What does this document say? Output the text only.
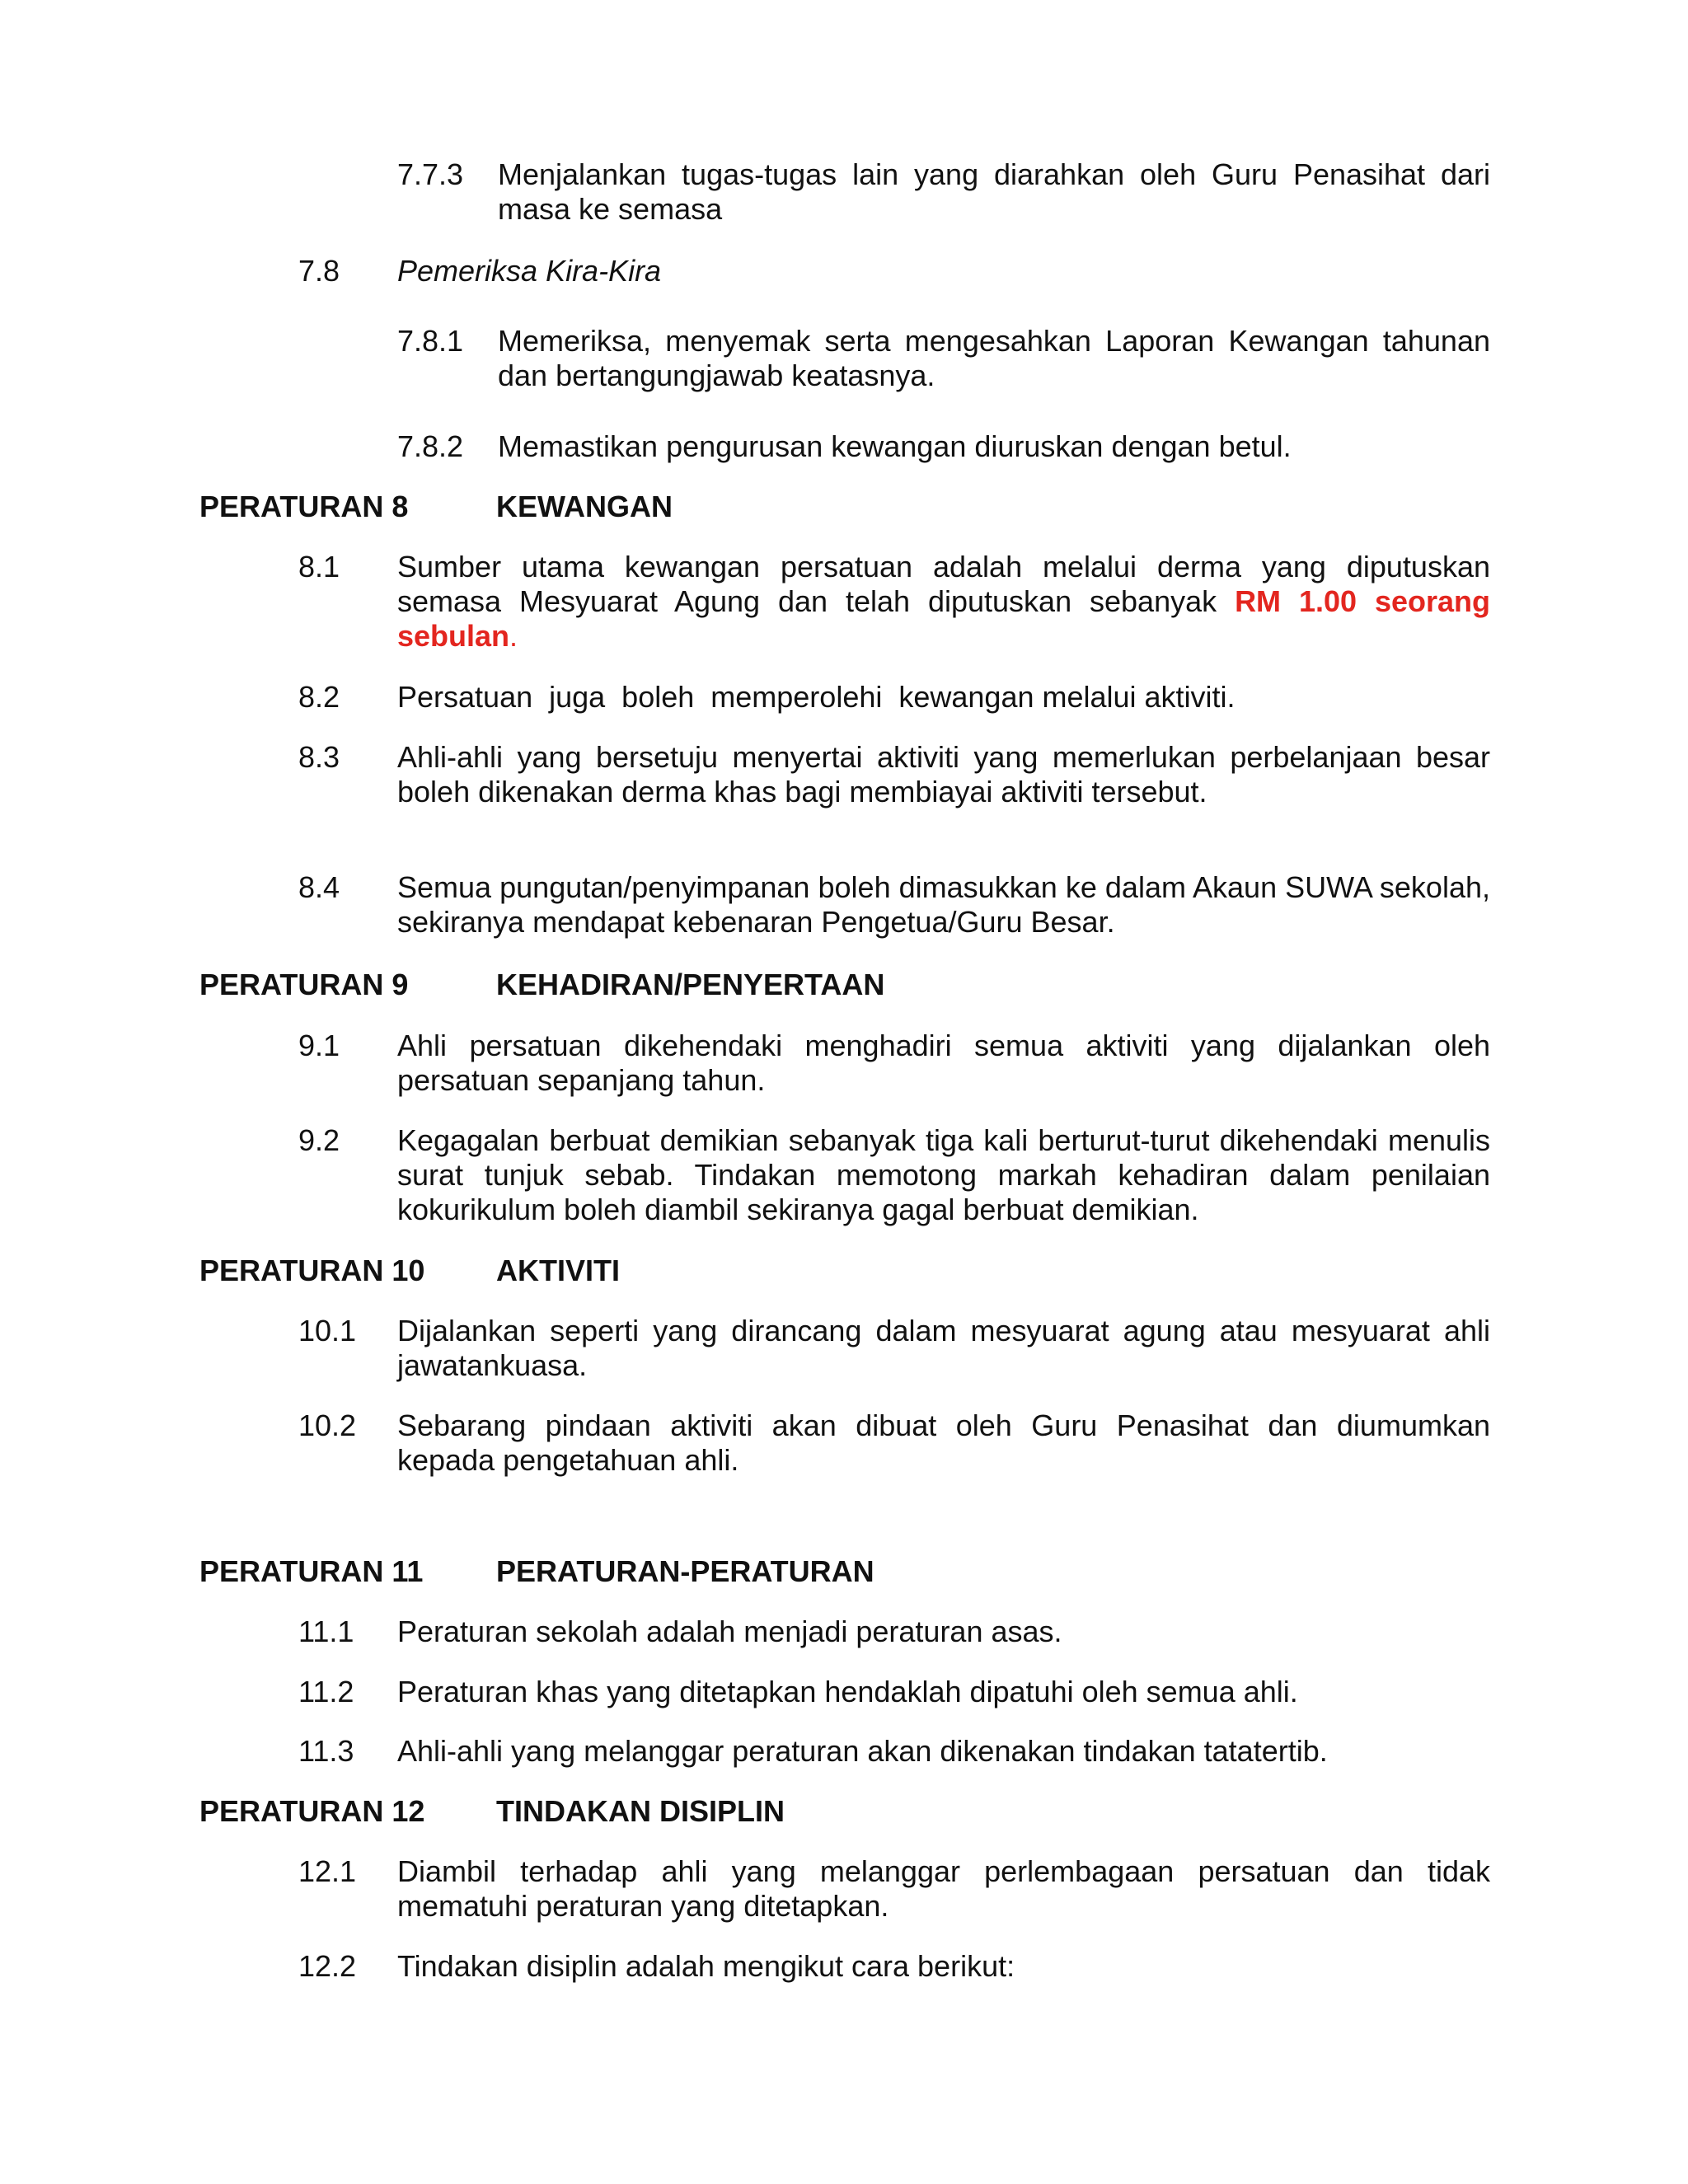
7.7.3	Menjalankan tugas-tugas lain yang diarahkan oleh Guru Penasihat dari masa ke semasa
7.8	Pemeriksa Kira-Kira
7.8.1	Memeriksa, menyemak serta mengesahkan Laporan Kewangan tahunan dan bertangungjawab keatasnya.
7.8.2	Memastikan pengurusan kewangan diuruskan dengan betul.
PERATURAN 8	KEWANGAN
8.1	Sumber utama kewangan persatuan adalah melalui derma yang diputuskan semasa Mesyuarat Agung dan telah diputuskan sebanyak RM 1.00 seorang sebulan.
8.2	Persatuan  juga  boleh  memperolehi  kewangan melalui aktiviti.
8.3	Ahli-ahli yang bersetuju menyertai aktiviti yang memerlukan perbelanjaan besar boleh dikenakan derma khas bagi membiayai aktiviti tersebut.
8.4	Semua pungutan/penyimpanan boleh dimasukkan ke dalam Akaun SUWA sekolah, sekiranya mendapat kebenaran Pengetua/Guru Besar.
PERATURAN 9	KEHADIRAN/PENYERTAAN
9.1	Ahli persatuan dikehendaki menghadiri semua aktiviti yang dijalankan oleh persatuan sepanjang tahun.
9.2	Kegagalan berbuat demikian sebanyak tiga kali berturut-turut dikehendaki menulis surat tunjuk sebab. Tindakan memotong markah kehadiran dalam penilaian kokurikulum boleh diambil sekiranya gagal berbuat demikian.
PERATURAN 10	AKTIVITI
10.1	Dijalankan seperti yang dirancang dalam mesyuarat agung atau mesyuarat ahli jawatankuasa.
10.2	Sebarang pindaan aktiviti akan dibuat oleh Guru Penasihat dan diumumkan kepada pengetahuan ahli.
PERATURAN 11	PERATURAN-PERATURAN
11.1	Peraturan sekolah adalah menjadi peraturan asas.
11.2	Peraturan khas yang ditetapkan hendaklah dipatuhi oleh semua ahli.
11.3	Ahli-ahli yang melanggar peraturan akan dikenakan tindakan tatatertib.
PERATURAN 12	TINDAKAN DISIPLIN
12.1	Diambil terhadap ahli yang melanggar perlembagaan persatuan dan tidak mematuhi peraturan yang ditetapkan.
12.2	Tindakan disiplin adalah mengikut cara berikut:
